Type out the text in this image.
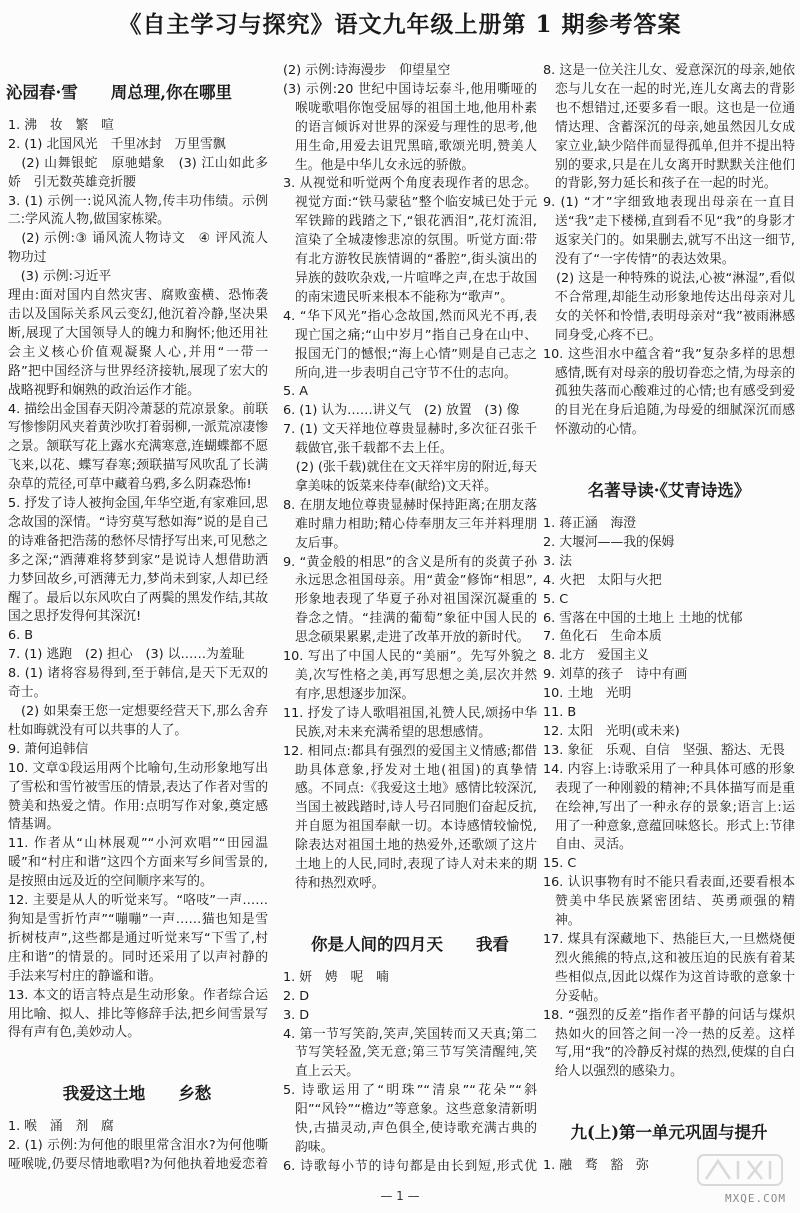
《自主学习与探究》语文九年级上册第 1 期参考答案
沁园春·雪　　周总理,你在哪里
1. 沸　妆　繁　喧
2. (1) 北国风光　千里冰封　万里雪飘
　(2) 山舞银蛇　原驰蜡象　(3) 江山如此多娇　引无数英雄竞折腰
3. (1) 示例一:说风流人物,传丰功伟绩。示例二:学风流人物,做国家栋梁。
　(2) 示例:③ 诵风流人物诗文　④ 评风流人物功过
　(3) 示例:习近平
理由:面对国内自然灾害、腐败蛮横、恐怖袭击以及国际关系风云变幻,他沉着冷静,坚决果断,展现了大国领导人的魄力和胸怀;他还用社会主义核心价值观凝聚人心,并用“一带一路”把中国经济与世界经济接轨,展现了宏大的战略视野和娴熟的政治运作才能。
4. 描绘出金国春天阴冷萧瑟的荒凉景象。前联写惨惨阴风夹着黄沙吹打着弱柳,一派荒凉凄惨之景。颔联写花上露水充满寒意,连蝴蝶都不愿飞来,以花、蝶写春寒;颈联描写风吹乱了长满杂草的荒径,可草中藏着乌鸦,多么阴森恐怖!
5. 抒发了诗人被拘金国,年华空逝,有家难回,思念故国的深情。“诗穷莫写愁如海”说的是自己的诗难备把浩荡的愁怀尽情抒写出来,可见愁之多之深;“酒薄难将梦到家”是说诗人想借助洒力梦回故乡,可洒薄无力,梦尚未到家,人却已经醒了。最后以东风吹白了两鬓的黑发作结,其故国之思抒发得何其深沉!
6. B
7. (1) 逃跑　(2) 担心　(3) 以……为羞耻
8. (1) 诸将容易得到,至于韩信,是天下无双的奇士。
　(2) 如果秦王您一定想要经营天下,那么舍弃杜如晦就没有可以共事的人了。
9. 萧何追韩信
10. 文章①段运用两个比喻句,生动形象地写出了雪松和雪竹被雪压的情景,表达了作者对雪的赞美和热爱之情。作用:点明写作对象,奠定感情基调。
11. 作者从“山林展观”“小河欢唱”“田园温暖”和“村庄和谐”这四个方面来写乡间雪景的,是按照由远及近的空间顺序来写的。
12. 主要是从人的听觉来写。“咯吱”一声……狗知是雪折竹声”“嘣嘣”一声……猫也知是雪折树枝声”,这些都是通过听觉来写“下雪了,村庄和谐”的情景的。同时还采用了以声衬静的手法来写村庄的静谧和谐。
13. 本文的语言特点是生动形象。作者综合运用比喻、拟人、排比等修辞手法,把乡间雪景写得有声有色,美妙动人。
我爱这土地　　乡愁
1. 喉　涌　剂　腐
2. (1) 示例:为何他的眼里常含泪水?为何他嘶哑喉咙,仍要尽情地歌唱?为何他执着地爱恋着
(2) 示例:诗海漫步　仰望星空
(3) 示例:20 世纪中国诗坛泰斗,他用嘶哑的喉咙歌唱你饱受屈辱的祖国土地,他用朴素的语言倾诉对世界的深爱与理性的思考,他用生命,用爱去诅咒黑暗,歌颂光明,赞美人生。他是中华儿女永远的骄傲。
3. 从视觉和听觉两个角度表现作者的思念。视觉方面:“铁马蒙毡”整个临安城已处于元军铁蹄的践踏之下,“银花洒泪”,花灯流泪,渲染了全城凄惨悲凉的氛围。听觉方面:带有北方游牧民族情调的“番腔”,街头演出的异族的鼓吹杂戏,一片喧哗之声,在忠于故国的南宋遗民听来根本不能称为“歌声”。
4. “华下风光”指心念故国,然而风光不再,表现亡国之痛;“山中岁月”指自己身在山中、报国无门的憾恨;“海上心情”则是自己志之所向,进一步表明自己守节不仕的志向。
5. A
6. (1) 认为……讲义气　(2) 放置　(3) 像
7. (1) 文天祥地位尊贵显赫时,多次征召张千载做官,张千载都不去上任。
　(2) (张千载)就住在文天祥牢房的附近,每天拿美味的饭菜来侍奉(献给)文天祥。
8. 在朋友地位尊贵显赫时保持距离;在朋友落难时鼎力相助;精心侍奉朋友三年并料理朋友后事。
9. “黄金般的相思”的含义是所有的炎黄子孙永远思念祖国母亲。用“黄金”修饰“相思”,形象地表现了华夏子孙对祖国深沉凝重的眷念之情。“挂满的葡萄”象征中国人民的思念硕果累累,走进了改革开放的新时代。
10. 写出了中国人民的“美丽”。先写外貌之美,次写性格之美,再写思想之美,层次并然有序,思想逐步加深。
11. 抒发了诗人歌唱祖国,礼赞人民,颂扬中华民族,对未来充满希望的思想感情。
12. 相同点:都具有强烈的爱国主义情感;都借助具体意象,抒发对土地(祖国)的真挚情感。不同点:《我爱这土地》感情比较深沉,当国土被践踏时,诗人号召同胞们奋起反抗,并自愿为祖国奉献一切。本诗感情较愉悦,除表达对祖国土地的热爱外,还歌颂了这片土地上的人民,同时,表现了诗人对未来的期待和热烈欢呼。
你是人间的四月天　　我看
1. 妍　娉　呢　喃
2. D
3. D
4. 第一节写笑韵,笑声,笑国转而又天真;第二节写笑轻盈,笑无意;第三节写笑清醒纯,笑直上云天。
5. 诗歌运用了“明珠”“清泉”“花朵”“斜阳”“风铃”“檐边”等意象。这些意象清新明快,古描灵动,声色俱全,使诗歌充满古典的韵味。
6. 诗歌每小节的诗句都是由长到短,形式优
8. 这是一位关注儿女、爱意深沉的母亲,她依恋与儿女在一起的时光,连儿女离去的背影也不想错过,还要多看一眼。这也是一位通情达理、含蓄深沉的母亲,她虽然因儿女成家立业,缺少陪伴而显得孤单,但并不提出特别的要求,只是在儿女离开时默默关注他们的背影,努力延长和孩子在一起的时光。
9. (1) “才”字细致地表现出母亲在一直目送“我”走下楼梯,直到看不见“我”的身影才返家关门的。如果删去,就写不出这一细节,没有了“一字传情”的表达效果。
　(2) 这是一种特殊的说法,心被“淋湿”,看似不合常理,却能生动形象地传达出母亲对儿女的关怀和怜惜,表明母亲对“我”被雨淋感同身受,心疼不已。
10. 这些泪水中蕴含着“我”复杂多样的思想感情,既有对母亲的殷切眷恋之情,为母亲的孤独失落而心酸难过的心情;也有感受到爱的目光在身后追随,为母爱的细腻深沉而感怀激动的心情。
名著导读·《艾青诗选》
1. 蒋正涵　海澄
2. 大堰河——我的保姆
3. 法
4. 火把　太阳与火把
5. C
6. 雪落在中国的土地上 土地的忧郁
7. 鱼化石　生命本质
8. 北方　爱国主义
9. 刘草的孩子　诗中有画
10. 土地　光明
11. B
12. 太阳　光明(或未来)
13. 象征　乐观、自信　坚强、豁达、无畏
14. 内容上:诗歌采用了一种具体可感的形象表现了一种刚毅的精神;不具体描写而是重在绘神,写出了一种永存的景象;语言上:运用了一种意象,意蕴回味悠长。形式上:节律自由、灵活。
15. C
16. 认识事物有时不能只看表面,还要看根本赞美中华民族紧密团结、英勇顽强的精神。
17. 煤具有深藏地下、热能巨大,一旦燃烧便烈火熊熊的特点,这和被压迫的民族有着某些相似点,因此以煤作为这首诗歌的意象十分妥帖。
18. “强烈的反差”指作者平静的问话与煤炽热如火的回答之间一冷一热的反差。这样写,用“我”的冷静反衬煤的热烈,使煤的自白给人以强烈的感染力。
九(上)第一单元巩固与提升
1. 融　骛　豁　弥
— 1 —	MXQE.COM
